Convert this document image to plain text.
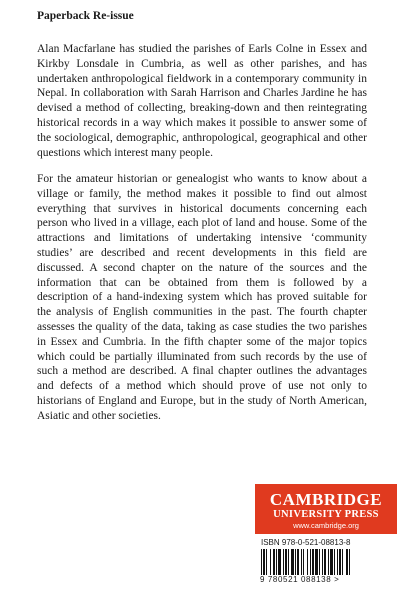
Paperback Re-issue

Alan Macfarlane has studied the parishes of Earls Colne in Essex and Kirkby Lonsdale in Cumbria, as well as other parishes, and has undertaken anthropological fieldwork in a contemporary community in Nepal. In collaboration with Sarah Harrison and Charles Jardine he has devised a method of collecting, breaking-down and then reintegrating historical records in a way which makes it possible to answer some of the sociological, demographic, anthropological, geographical and other questions which interest many people.

For the amateur historian or genealogist who wants to know about a village or family, the method makes it possible to find out almost everything that survives in historical documents concerning each person who lived in a village, each plot of land and house. Some of the attractions and limitations of undertaking intensive ‘community studies’ are described and recent developments in this field are discussed. A second chapter on the nature of the sources and the information that can be obtained from them is followed by a description of a hand-indexing system which has proved suitable for the analysis of English communities in the past. The fourth chapter assesses the quality of the data, taking as case studies the two parishes in Essex and Cumbria. In the fifth chapter some of the major topics which could be partially illuminated from such records by the use of such a method are described. A final chapter outlines the advantages and defects of a method which should prove of use not only to historians of England and Europe, but in the study of North American, Asiatic and other societies.

CAMBRIDGE
UNIVERSITY PRESS
www.cambridge.org
ISBN 978-0-521-08813-8
9 780521 088138 >
